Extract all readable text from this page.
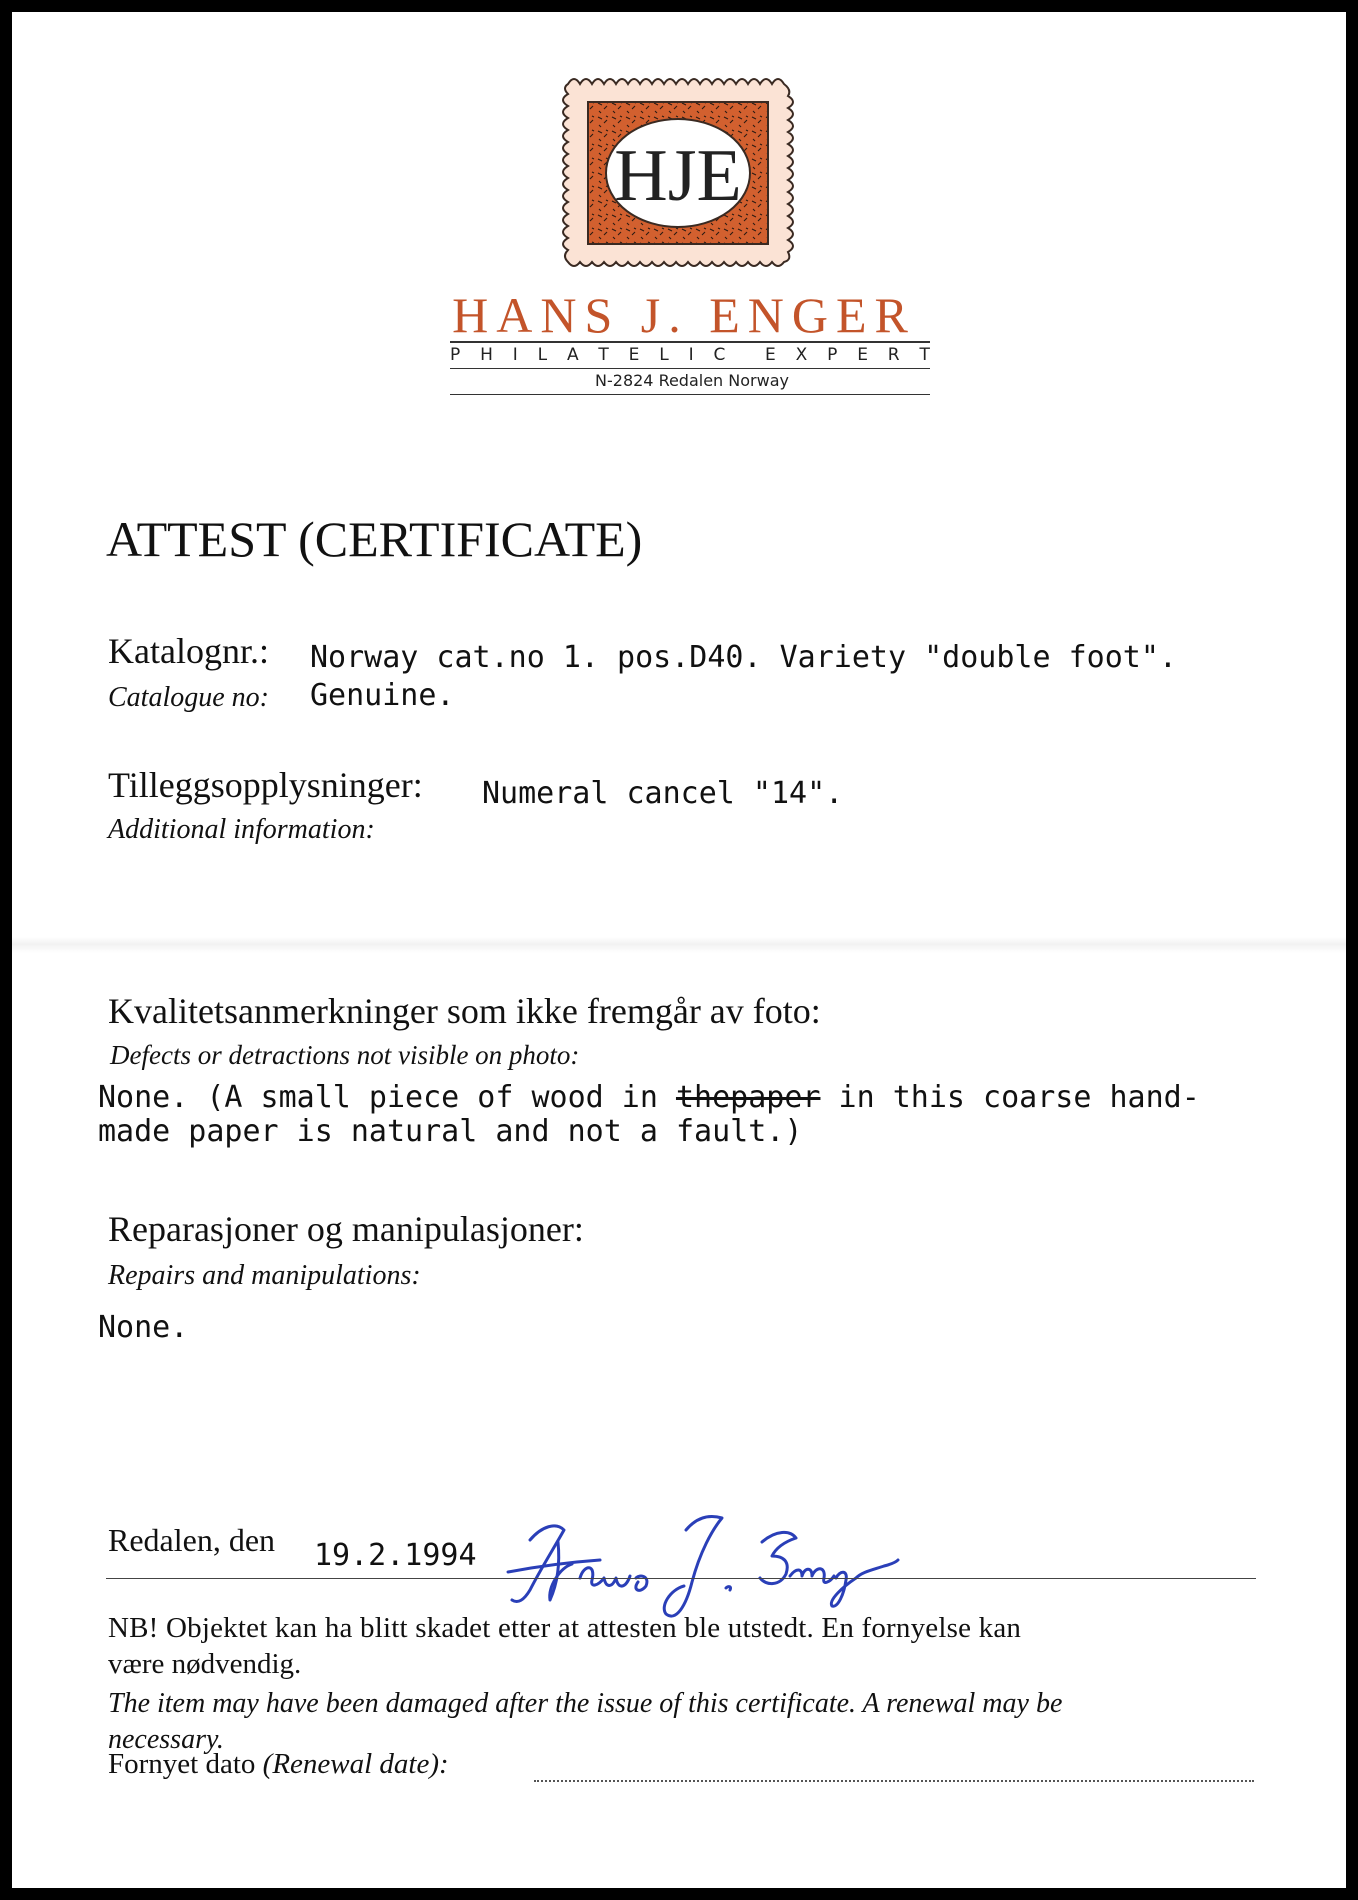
HJE
HANS J. ENGER
P H I L A T E L I C E X P E R T
N-2824 Redalen Norway
ATTEST (CERTIFICATE)
Katalognr.: Norway cat.no 1. pos.D40. Variety "double foot".
Catalogue no: Genuine.
Tilleggsopplysninger: Numeral cancel "14".
Additional information:
Kvalitetsanmerkninger som ikke fremgår av foto:
Defects or detractions not visible on photo:
None. (A small piece of wood in thepaper in this coarse hand-
made paper is natural and not a fault.)
Reparasjoner og manipulasjoner:
Repairs and manipulations:
None.
Redalen, den 19.2.1994
Hans J. Enger
NB! Objektet kan ha blitt skadet etter at attesten ble utstedt. En fornyelse kan
være nødvendig.
The item may have been damaged after the issue of this certificate. A renewal may be
necessary.
Fornyet dato (Renewal date):
